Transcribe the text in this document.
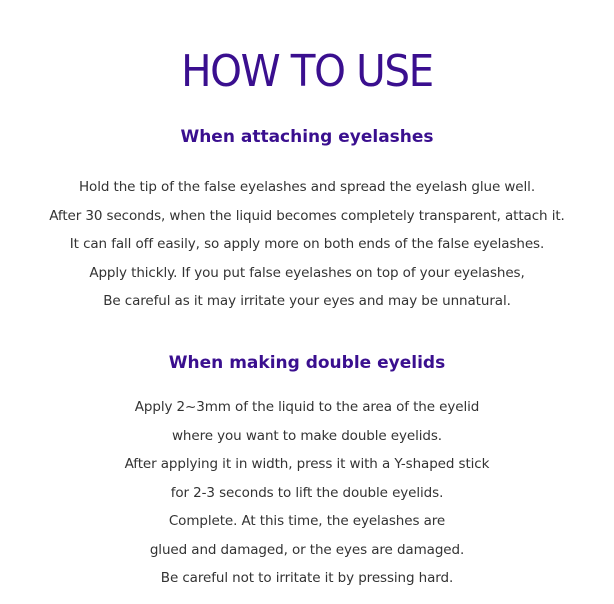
HOW TO USE
When attaching eyelashes
Hold the tip of the false eyelashes and spread the eyelash glue well.
After 30 seconds, when the liquid becomes completely transparent, attach it.
It can fall off easily, so apply more on both ends of the false eyelashes.
Apply thickly. If you put false eyelashes on top of your eyelashes,
Be careful as it may irritate your eyes and may be unnatural.
When making double eyelids
Apply 2~3mm of the liquid to the area of the eyelid
where you want to make double eyelids.
After applying it in width, press it with a Y-shaped stick
for 2-3 seconds to lift the double eyelids.
Complete. At this time, the eyelashes are
glued and damaged, or the eyes are damaged.
Be careful not to irritate it by pressing hard.
